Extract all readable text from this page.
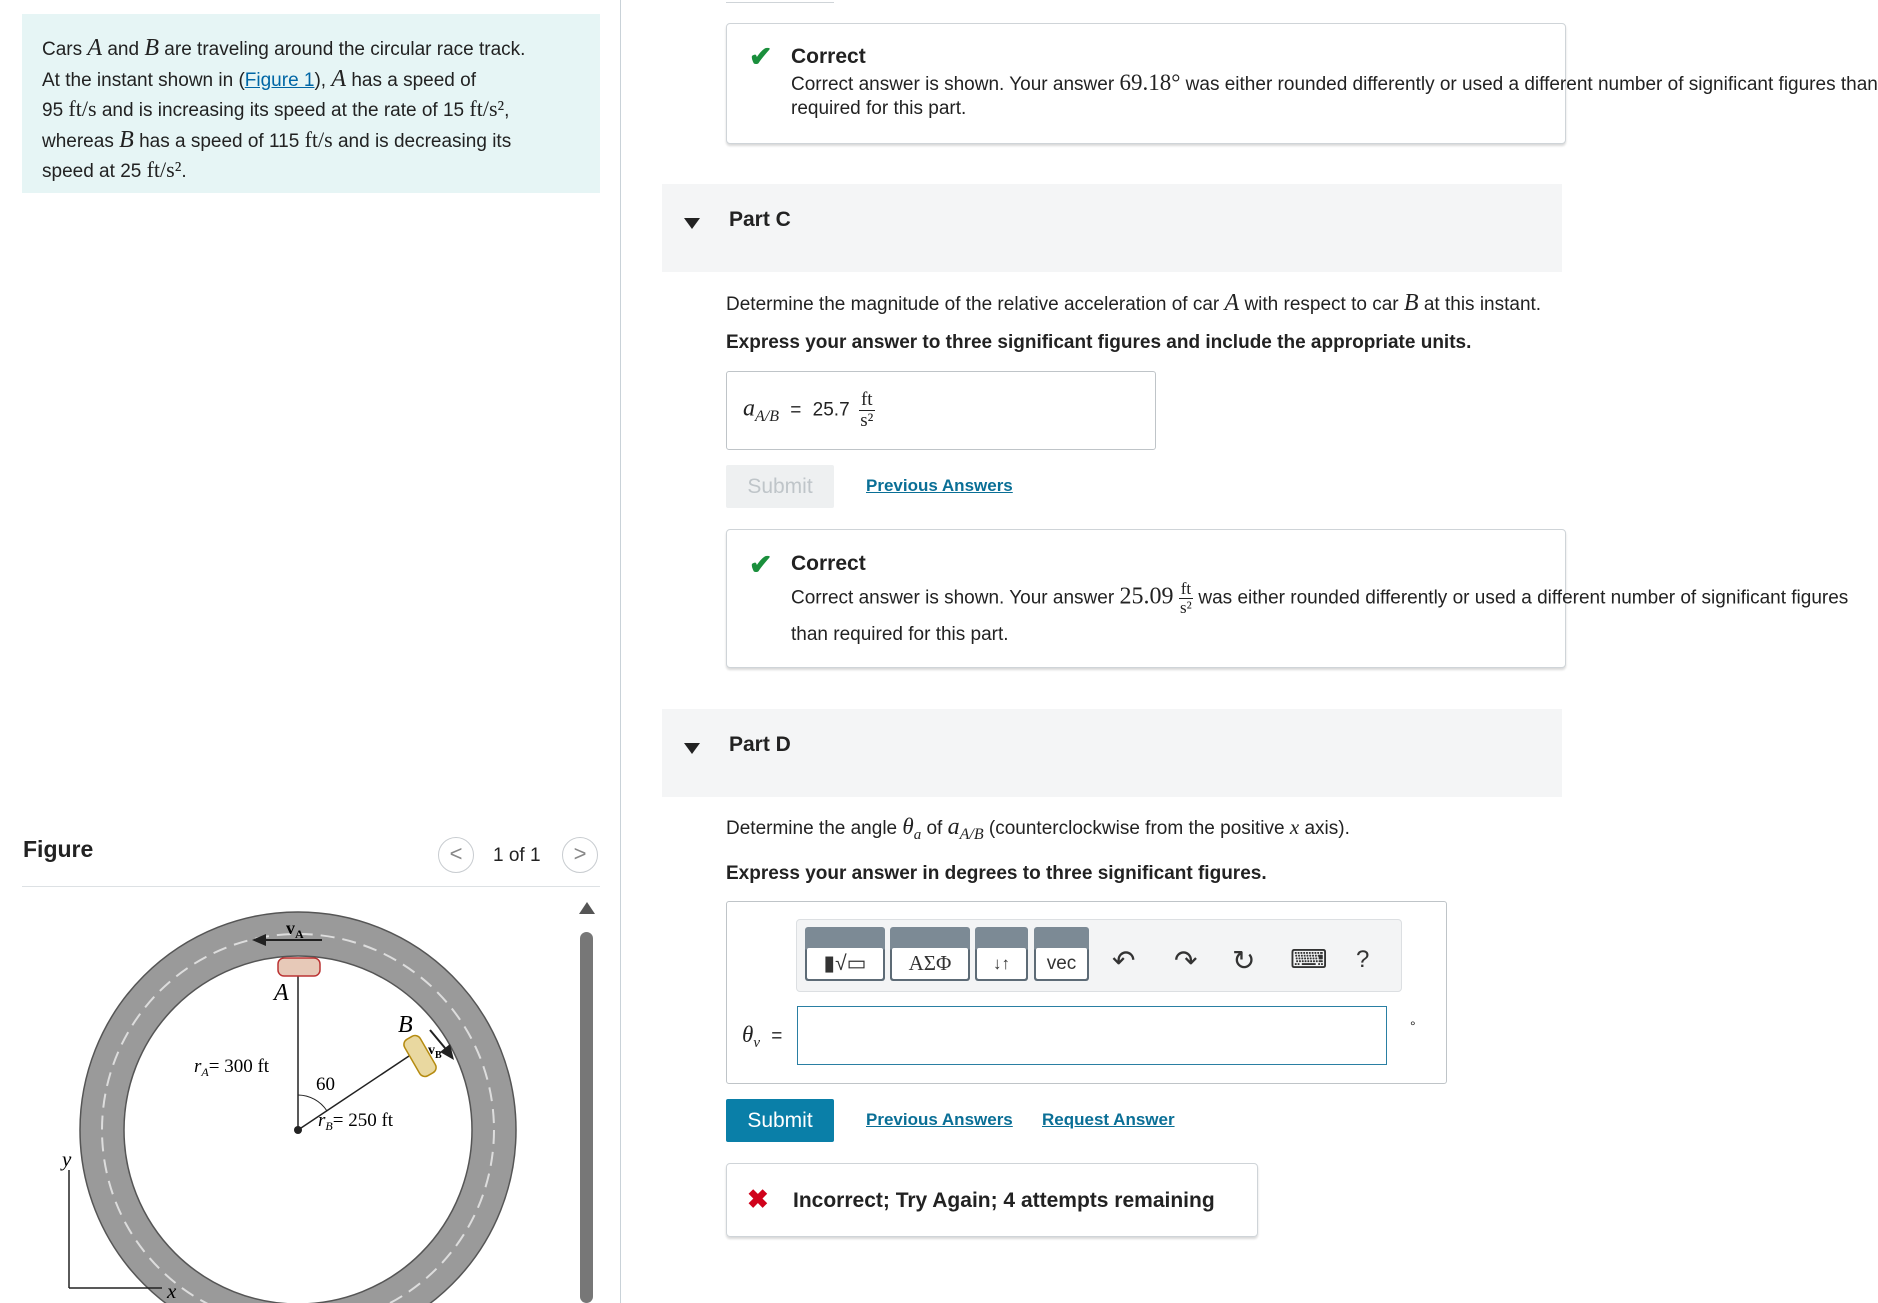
Cars A and B are traveling around the circular race track.
At the instant shown in (Figure 1), A has a speed of
95 ft/s and is increasing its speed at the rate of 15 ft/s²,
whereas B has a speed of 115 ft/s and is decreasing its
speed at 25 ft/s².
Figure	<	1 of 1	>
$v_A$
A
B
$v_B$
$r_A= 300$ ft
60
$r_B= 250$ ft
y
x
✔ Correct
Correct answer is shown. Your answer 69.18° was either rounded differently or used a different number of significant figures than
required for this part.
Part C
Determine the magnitude of the relative acceleration of car A with respect to car B at this instant.
Express your answer to three significant figures and include the appropriate units.
$a_{A/B} = 25.7 \frac{ft}{\text{s²}}$
Submit	Previous Answers
✔ Correct
Correct answer is shown. Your answer $25.09 \frac{ft}{\text{s²}}$ was either rounded differently or used a different number of significant figures
than required for this part.
Part D
Determine the angle $\theta_a$ of $a_{A/B}$ (counterclockwise from the positive x axis).
Express your answer in degrees to three significant figures.
▮√▭	ΑΣΦ	↓↑	vec	↶ ↷ ↻ ⌨ ?
$\theta_v$ =	°
Submit	Previous Answers Request Answer
✖ Incorrect; Try Again; 4 attempts remaining
